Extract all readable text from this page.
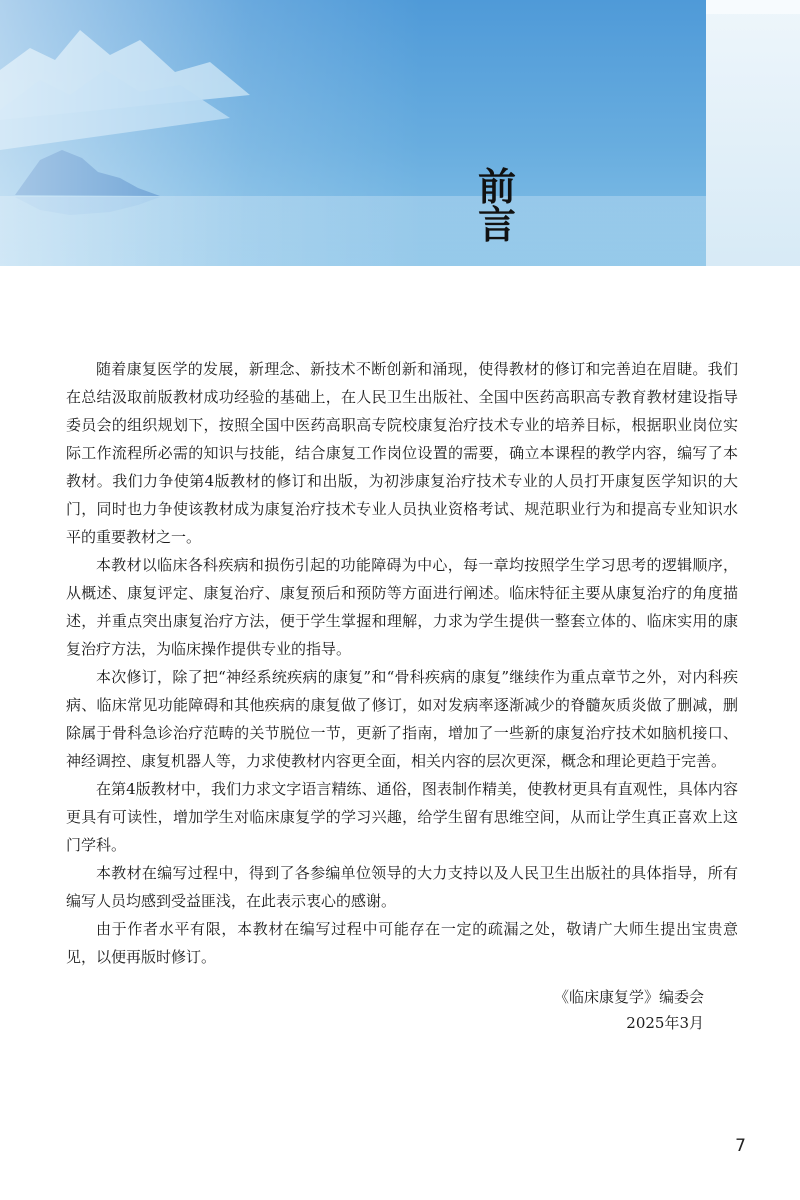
前 言

随着康复医学的发展，新理念、新技术不断创新和涌现，使得教材的修订和完善迫在眉睫。我们在总结汲取前版教材成功经验的基础上，在人民卫生出版社、全国中医药高职高专教育教材建设指导委员会的组织规划下，按照全国中医药高职高专院校康复治疗技术专业的培养目标，根据职业岗位实际工作流程所必需的知识与技能，结合康复工作岗位设置的需要，确立本课程的教学内容，编写了本教材。我们力争使第4版教材的修订和出版，为初涉康复治疗技术专业的人员打开康复医学知识的大门，同时也力争使该教材成为康复治疗技术专业人员执业资格考试、规范职业行为和提高专业知识水平的重要教材之一。

本教材以临床各科疾病和损伤引起的功能障碍为中心，每一章均按照学生学习思考的逻辑顺序，从概述、康复评定、康复治疗、康复预后和预防等方面进行阐述。临床特征主要从康复治疗的角度描述，并重点突出康复治疗方法，便于学生掌握和理解，力求为学生提供一整套立体的、临床实用的康复治疗方法，为临床操作提供专业的指导。

本次修订，除了把“神经系统疾病的康复”和“骨科疾病的康复”继续作为重点章节之外，对内科疾病、临床常见功能障碍和其他疾病的康复做了修订，如对发病率逐渐减少的脊髓灰质炎做了删减，删除属于骨科急诊治疗范畴的关节脱位一节，更新了指南，增加了一些新的康复治疗技术如脑机接口、神经调控、康复机器人等，力求使教材内容更全面，相关内容的层次更深，概念和理论更趋于完善。

在第4版教材中，我们力求文字语言精练、通俗，图表制作精美，使教材更具有直观性，具体内容更具有可读性，增加学生对临床康复学的学习兴趣，给学生留有思维空间，从而让学生真正喜欢上这门学科。

本教材在编写过程中，得到了各参编单位领导的大力支持以及人民卫生出版社的具体指导，所有编写人员均感到受益匪浅，在此表示衷心的感谢。

由于作者水平有限，本教材在编写过程中可能存在一定的疏漏之处，敬请广大师生提出宝贵意见，以便再版时修订。

《临床康复学》编委会
2025年3月
7
